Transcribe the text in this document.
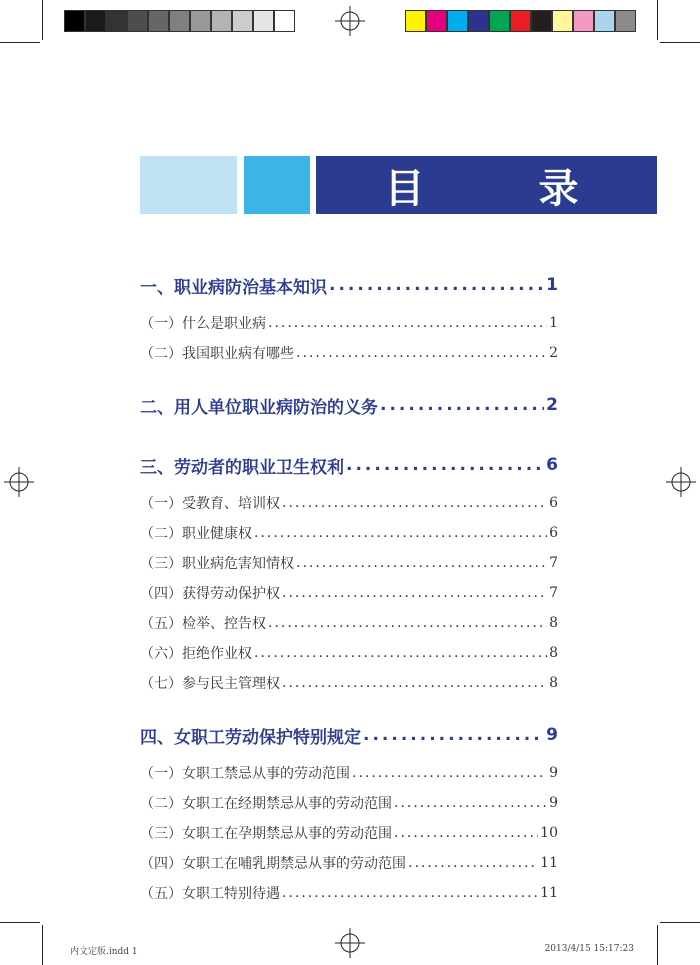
目 录
一、职业病防治基本知识 .....	1
（一）什么是职业病 .....	1
（二）我国职业病有哪些 .....	2
二、用人单位职业病防治的义务 .....	2
三、劳动者的职业卫生权利 .....	6
（一）受教育、培训权 .....	6
（二）职业健康权 .....	6
（三）职业病危害知情权 .....	7
（四）获得劳动保护权 .....	7
（五）检举、控告权 .....	8
（六）拒绝作业权 .....	8
（七）参与民主管理权 .....	8
四、女职工劳动保护特别规定 .....	9
（一）女职工禁忌从事的劳动范围 .....	9
（二）女职工在经期禁忌从事的劳动范围 .....	9
（三）女职工在孕期禁忌从事的劳动范围 .....	10
（四）女职工在哺乳期禁忌从事的劳动范围 .....	11
（五）女职工特别待遇 .....	11
内文定版.indd 1	2013/4/15 15:17:23
